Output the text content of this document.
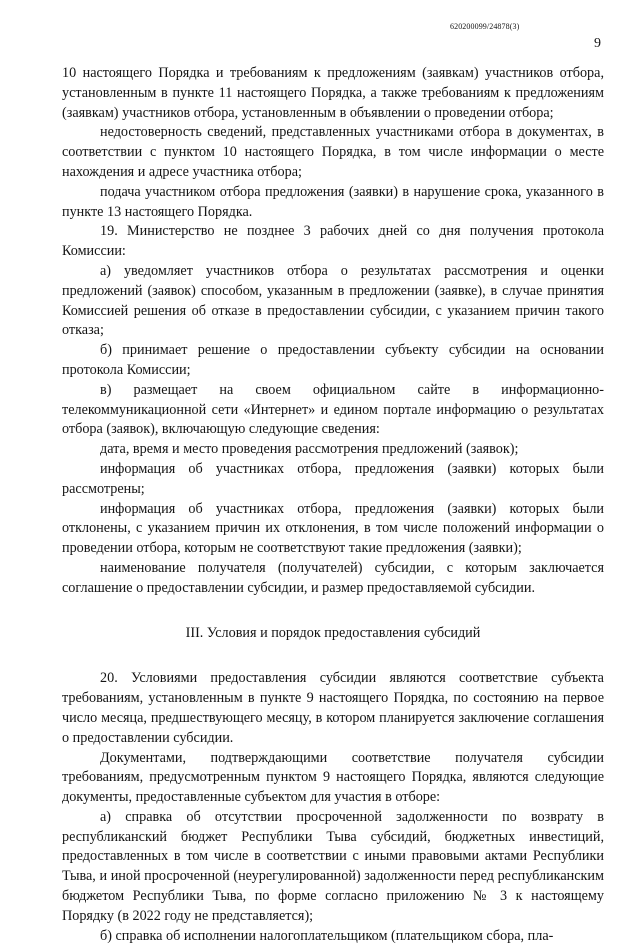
620200099/24878(3)
9

10 настоящего Порядка и требованиям к предложениям (заявкам) участников отбора, установленным в пункте 11 настоящего Порядка, а также требованиям к предложениям (заявкам) участников отбора, установленным в объявлении о проведении отбора;

недостоверность сведений, представленных участниками отбора в документах, в соответствии с пунктом 10 настоящего Порядка, в том числе информации о месте нахождения и адресе участника отбора;

подача участником отбора предложения (заявки) в нарушение срока, указанного в пункте 13 настоящего Порядка.

19. Министерство не позднее 3 рабочих дней со дня получения протокола Комиссии:

а) уведомляет участников отбора о результатах рассмотрения и оценки предложений (заявок) способом, указанным в предложении (заявке), в случае принятия Комиссией решения об отказе в предоставлении субсидии, с указанием причин такого отказа;

б) принимает решение о предоставлении субъекту субсидии на основании протокола Комиссии;

в) размещает на своем официальном сайте в информационно-телекоммуникационной сети «Интернет» и едином портале информацию о результатах отбора (заявок), включающую следующие сведения:

дата, время и место проведения рассмотрения предложений (заявок);

информация об участниках отбора, предложения (заявки) которых были рассмотрены;

информация об участниках отбора, предложения (заявки) которых были отклонены, с указанием причин их отклонения, в том числе положений информации о проведении отбора, которым не соответствуют такие предложения (заявки);

наименование получателя (получателей) субсидии, с которым заключается соглашение о предоставлении субсидии, и размер предоставляемой субсидии.

III. Условия и порядок предоставления субсидий

20. Условиями предоставления субсидии являются соответствие субъекта требованиям, установленным в пункте 9 настоящего Порядка, по состоянию на первое число месяца, предшествующего месяцу, в котором планируется заключение соглашения о предоставлении субсидии.

Документами, подтверждающими соответствие получателя субсидии требованиям, предусмотренным пунктом 9 настоящего Порядка, являются следующие документы, предоставленные субъектом для участия в отборе:

а) справка об отсутствии просроченной задолженности по возврату в республиканский бюджет Республики Тыва субсидий, бюджетных инвестиций, предоставленных в том числе в соответствии с иными правовыми актами Республики Тыва, и иной просроченной (неурегулированной) задолженности перед республиканским бюджетом Республики Тыва, по форме согласно приложению № 3 к настоящему Порядку (в 2022 году не представляется);

б) справка об исполнении налогоплательщиком (плательщиком сбора, пла-
